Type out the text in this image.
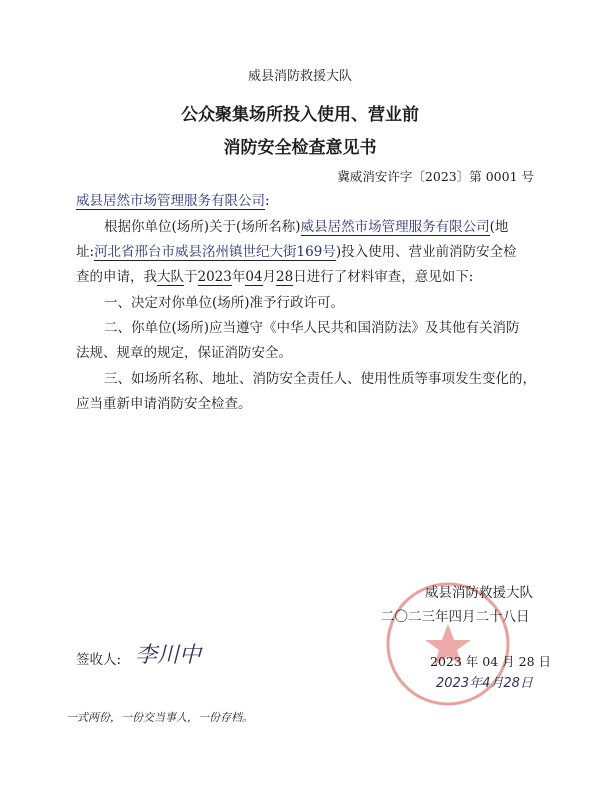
威县消防救援大队
公众聚集场所投入使用、营业前
消防安全检查意见书
冀威消安许字〔2023〕第 0001 号
威县居然市场管理服务有限公司:
根据你单位(场所)关于(场所名称)威县居然市场管理服务有限公司(地
址:河北省邢台市威县洺州镇世纪大街169号)投入使用、营业前消防安全检
查的申请，我大队于2023年04月28日进行了材料审查，意见如下:
一、决定对你单位(场所)准予行政许可。
二、你单位(场所)应当遵守《中华人民共和国消防法》及其他有关消防
法规、规章的规定，保证消防安全。
三、如场所名称、地址、消防安全责任人、使用性质等事项发生变化的，
应当重新申请消防安全检查。
威县消防救援大队
二〇二三年四月二十八日
2023 年 04 月 28 日
2023年4月28日
签收人: 李川中
一式两份，一份交当事人，一份存档。
